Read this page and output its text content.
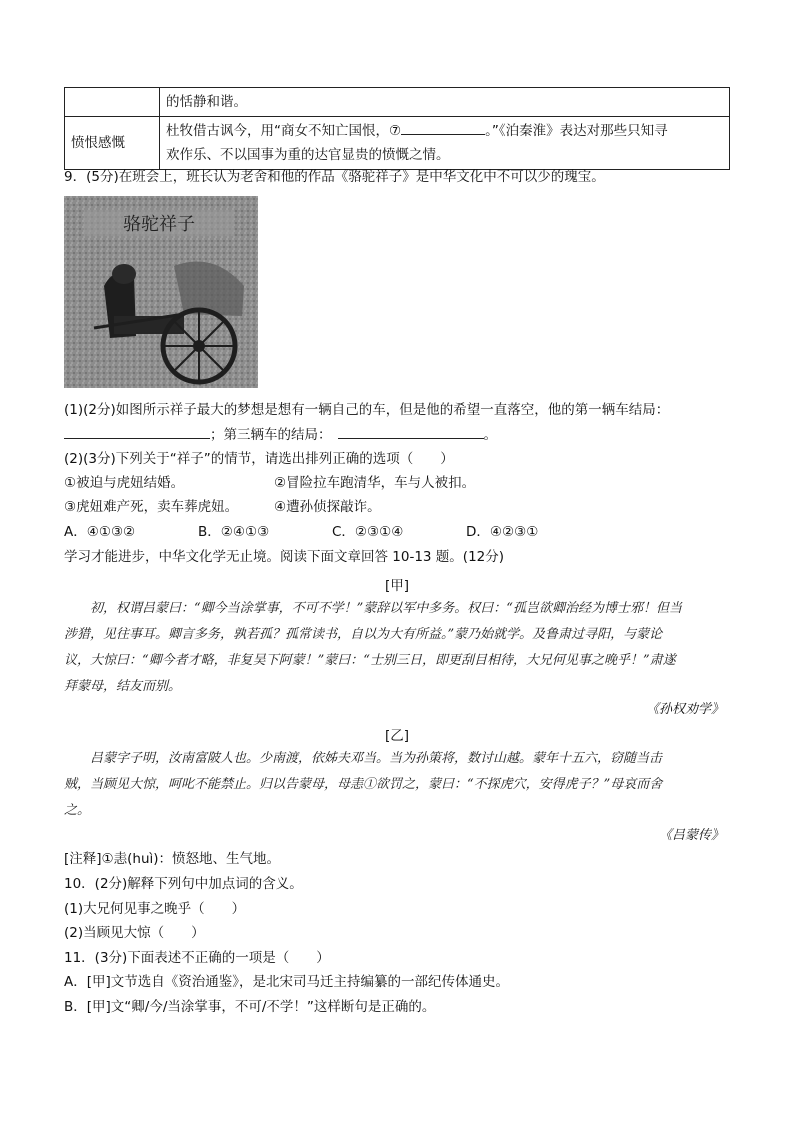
	的恬静和谐。
愤恨感慨	杜牧借古讽今，用“商女不知亡国恨，⑦ 。”《泊秦淮》表达对那些只知寻
欢作乐、不以国事为重的达官显贵的愤慨之情。
9．(5分)在班会上，班长认为老舍和他的作品《骆驼祥子》是中华文化中不可以少的瑰宝。
骆驼祥子
(1)(2分)如图所示祥子最大的梦想是想有一辆自己的车，但是他的希望一直落空，他的第一辆车结局：
；第三辆车的结局：	。
(2)(3分)下列关于“祥子”的情节，请选出排列正确的选项（　　）
①被迫与虎妞结婚。	②冒险拉车跑清华，车与人被扣。
③虎妞难产死，卖车葬虎妞。	④遭孙侦探敲诈。
A．④①③②	B．②④①③	C．②③①④	D．④②③①
学习才能进步，中华文化学无止境。阅读下面文章回答 10-13 题。(12分)
[甲]
初，权谓吕蒙曰：“卿今当涂掌事，不可不学！”蒙辞以军中多务。权曰：“孤岂欲卿治经为博士邪！但当
涉猎，见往事耳。卿言多务，孰若孤？孤常读书，自以为大有所益。”蒙乃始就学。及鲁肃过寻阳，与蒙论
议，大惊曰：“卿今者才略，非复吴下阿蒙！”蒙曰：“士别三日，即更刮目相待，大兄何见事之晚乎！”肃遂
拜蒙母，结友而别。
《孙权劝学》
[乙]
吕蒙字子明，汝南富陂人也。少南渡，依姊夫邓当。当为孙策将，数讨山越。蒙年十五六，窃随当击
贼，当顾见大惊，呵叱不能禁止。归以告蒙母，母恚①欲罚之，蒙曰：“不探虎穴，安得虎子？”母哀而舍
之。
《吕蒙传》
[注释]①恚(huì)：愤怒地、生气地。
10．(2分)解释下列句中加点词的含义。
(1)大兄何见事之晚乎（　　）
(2)当顾见大惊（　　）
11．(3分)下面表述不正确的一项是（　　）
A．[甲]文节选自《资治通鉴》，是北宋司马迁主持编纂的一部纪传体通史。
B．[甲]文“卿/今/当涂掌事，不可/不学！”这样断句是正确的。
